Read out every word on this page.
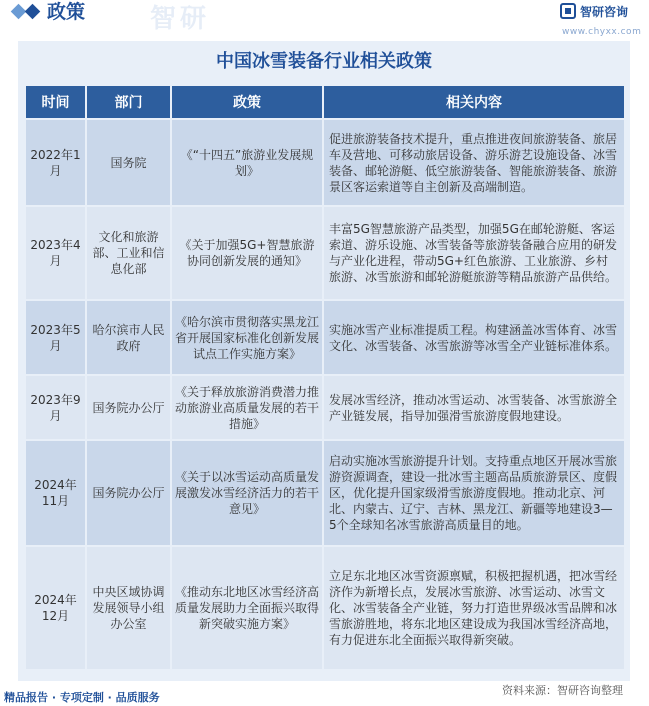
政策 智研	智研咨询
www.chyxx.com
中国冰雪装备行业相关政策
时间	部门	政策	相关内容
2022年1月	国务院	《“十四五”旅游业发展规划》	促进旅游装备技术提升，重点推进夜间旅游装备、旅居车及营地、可移动旅居设备、游乐游艺设施设备、冰雪装备、邮轮游艇、低空旅游装备、智能旅游装备、旅游景区客运索道等自主创新及高端制造。
2023年4月	文化和旅游部、工业和信息化部	《关于加强5G+智慧旅游协同创新发展的通知》	丰富5G智慧旅游产品类型，加强5G在邮轮游艇、客运索道、游乐设施、冰雪装备等旅游装备融合应用的研发与产业化进程，带动5G+红色旅游、工业旅游、乡村旅游、冰雪旅游和邮轮游艇旅游等精品旅游产品供给。
2023年5月	哈尔滨市人民政府	《哈尔滨市贯彻落实黑龙江省开展国家标准化创新发展试点工作实施方案》	实施冰雪产业标准提质工程。构建涵盖冰雪体育、冰雪文化、冰雪装备、冰雪旅游等冰雪全产业链标准体系。
2023年9月	国务院办公厅	《关于释放旅游消费潜力推动旅游业高质量发展的若干措施》	发展冰雪经济，推动冰雪运动、冰雪装备、冰雪旅游全产业链发展，指导加强滑雪旅游度假地建设。
2024年11月	国务院办公厅	《关于以冰雪运动高质量发展激发冰雪经济活力的若干意见》	启动实施冰雪旅游提升计划。支持重点地区开展冰雪旅游资源调查，建设一批冰雪主题高品质旅游景区、度假区，优化提升国家级滑雪旅游度假地。推动北京、河北、内蒙古、辽宁、吉林、黑龙江、新疆等地建设3—5个全球知名冰雪旅游高质量目的地。
2024年12月	中央区域协调发展领导小组办公室	《推动东北地区冰雪经济高质量发展助力全面振兴取得新突破实施方案》	立足东北地区冰雪资源禀赋，积极把握机遇，把冰雪经济作为新增长点，发展冰雪旅游、冰雪运动、冰雪文化、冰雪装备全产业链，努力打造世界级冰雪品牌和冰雪旅游胜地，将东北地区建设成为我国冰雪经济高地，有力促进东北全面振兴取得新突破。
精品报告 · 专项定制 · 品质服务
资料来源：智研咨询整理
